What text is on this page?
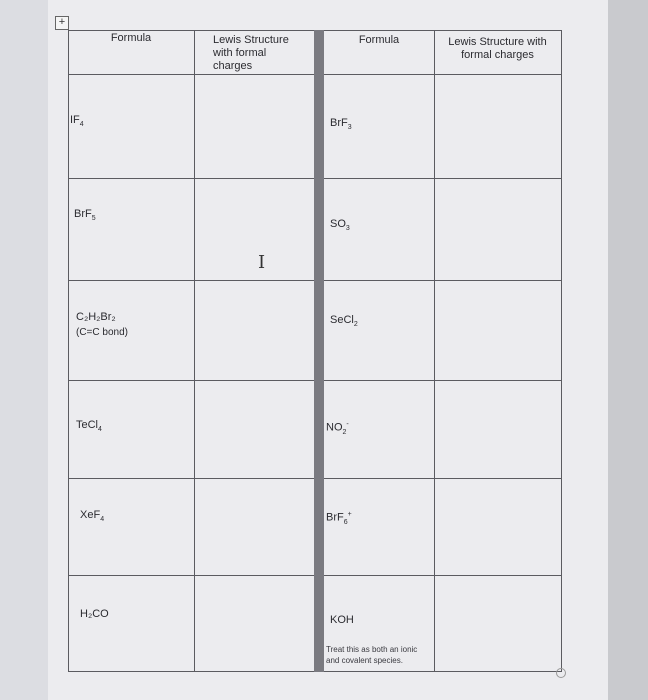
+
Formula	Lewis Structure with formal charges
Formula	Lewis Structure with formal charges
$IF_4$
BrF$_5$
C₂H₂Br₂
(C=C bond)
TeCl$_4$
XeF$_4$
H₂CO
BrF$_3$
$SO_3$
SeCl$_2$
$NO_2^-$
BrF$_6$+
KOH
Treat this as both an ionic and covalent species.
I
